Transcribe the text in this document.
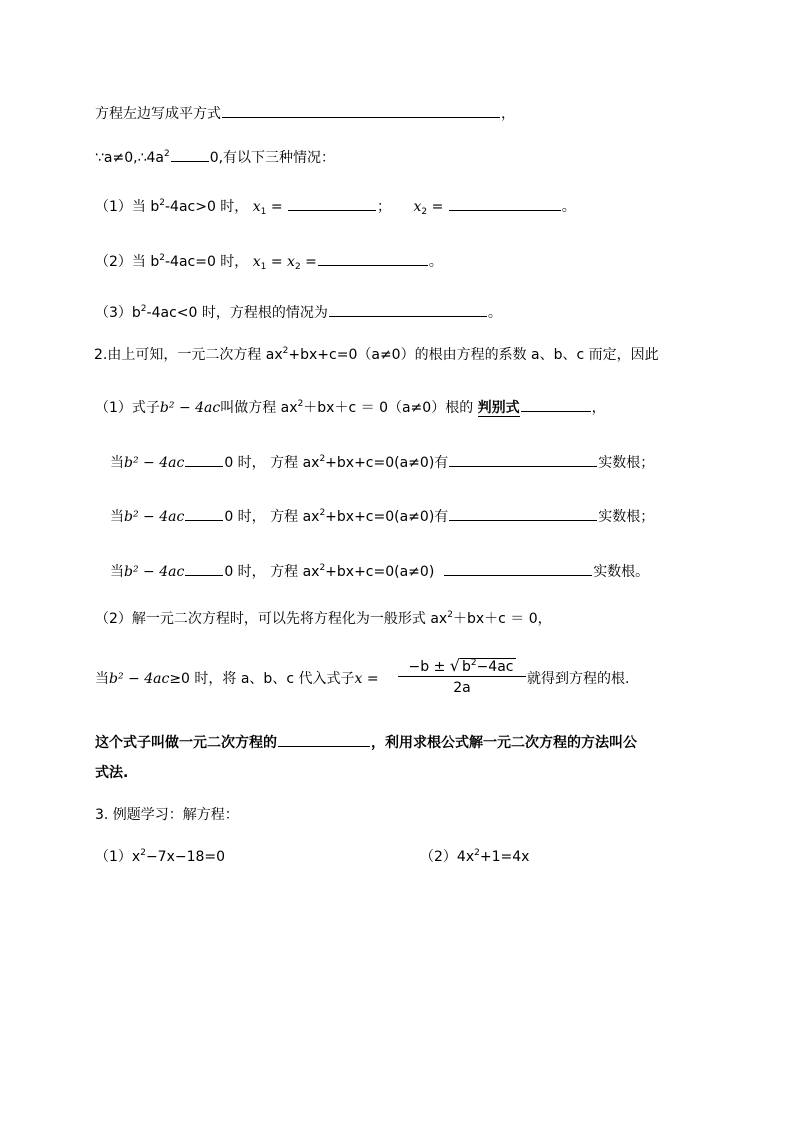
方程左边写成平方式	，
$\because a\ne 0,\therefore 4a^2$	0,有以下三种情况：
（1）当 $b^2-4ac>0$ 时， $x_1$ =	； $x_2$ =	。
（2）当 $b^2-4ac=0$ 时， $x_1 = x_2$ =	。
$(3)b^2-4ac<0$ 时，方程根的情况为	。
2.由上可知，一元二次方程 $ax^2+bx+c=0(a\ne 0)$的根由方程的系数 a、b、c 而定，因此
（1）式子b² − 4ac叫做方程 $ax^2+bx+c = 0(a\ne 0)$根的 判别式	，
当b² − 4ac	0 时， 方程 $ax^2+bx+c=0(a\ne 0)$有	实数根；
当b² − 4ac	0 时， 方程 $ax^2+bx+c=0(a\ne 0)$有	实数根；
当b² − 4ac	0 时， 方程 $ax^2+bx+c=0(a\ne 0)$	实数根。
（2）解一元二次方程时，可以先将方程化为一般形式 $ax^2+bx+c = 0$，
当b² − 4ac≥0 时，将 a、b、c 代入式子$x = \frac{-b \pm √ b^2-4ac}{2a}$ 就得到方程的根.
这个式子叫做一元二次方程的	，利用求根公式解一元二次方程的方法叫公
式法.
3. 例题学习：解方程：
$(1)x^2-7x-18=0$	$(2)4x^2+1=4x$
